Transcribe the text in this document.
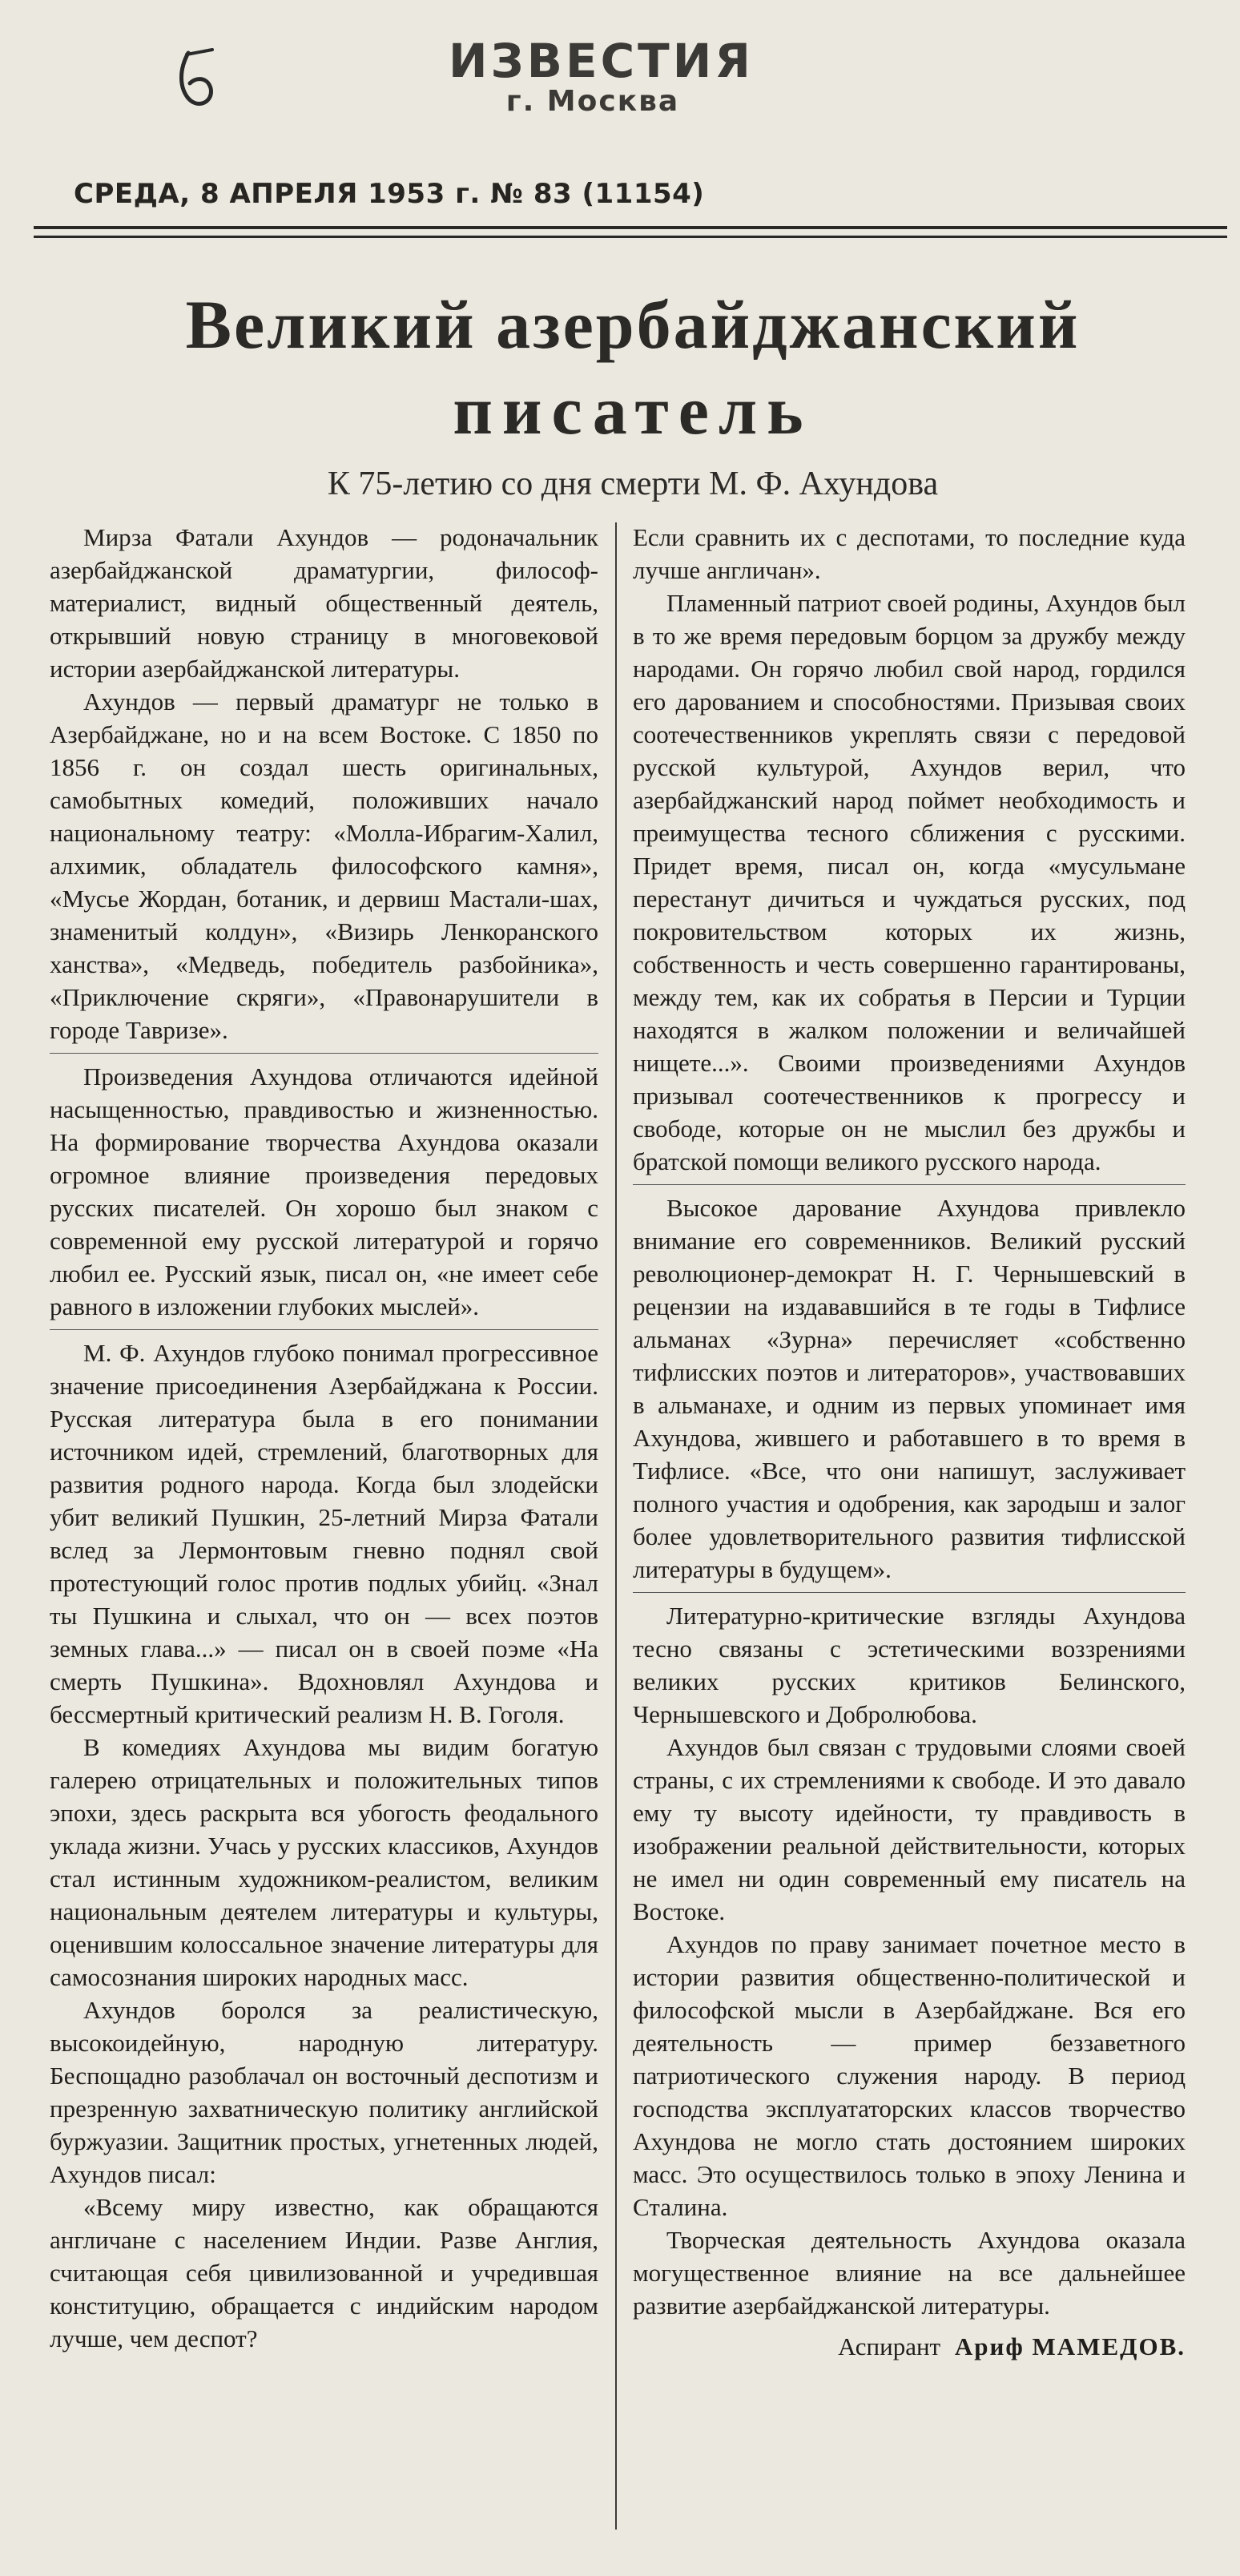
ИЗВЕСТИЯ
г. Москва
СРЕДА, 8 АПРЕЛЯ 1953 г. № 83 (11154)
Великий азербайджанский
писатель
К 75-летию со дня смерти М. Ф. Ахундова

Мирза Фатали Ахундов — родоначальник азербайджанской драматургии, философ-материалист, видный общественный деятель, открывший новую страницу в многовековой истории азербайджанской литературы.

Ахундов — первый драматург не только в Азербайджане, но и на всем Востоке. С 1850 по 1856 г. он создал шесть оригинальных, самобытных комедий, положивших начало национальному театру: «Молла-Ибрагим-Халил, алхимик, обладатель философского камня», «Мусье Жордан, ботаник, и дервиш Мастали-шах, знаменитый колдун», «Визирь Ленкоранского ханства», «Медведь, победитель разбойника», «Приключение скряги», «Правонарушители в городе Тавризе».

Произведения Ахундова отличаются идейной насыщенностью, правдивостью и жизненностью. На формирование творчества Ахундова оказали огромное влияние произведения передовых русских писателей. Он хорошо был знаком с современной ему русской литературой и горячо любил ее. Русский язык, писал он, «не имеет себе равного в изложении глубоких мыслей».

М. Ф. Ахундов глубоко понимал прогрессивное значение присоединения Азербайджана к России. Русская литература была в его понимании источником идей, стремлений, благотворных для развития родного народа. Когда был злодейски убит великий Пушкин, 25-летний Мирза Фатали вслед за Лермонтовым гневно поднял свой протестующий голос против подлых убийц. «Знал ты Пушкина и слыхал, что он — всех поэтов земных глава...» — писал он в своей поэме «На смерть Пушкина». Вдохновлял Ахундова и бессмертный критический реализм Н. В. Гоголя.

В комедиях Ахундова мы видим богатую галерею отрицательных и положительных типов эпохи, здесь раскрыта вся убогость феодального уклада жизни. Учась у русских классиков, Ахундов стал истинным художником-реалистом, великим национальным деятелем литературы и культуры, оценившим колоссальное значение литературы для самосознания широких народных масс.

Ахундов боролся за реалистическую, высокоидейную, народную литературу. Беспощадно разоблачал он восточный деспотизм и презренную захватническую политику английской буржуазии. Защитник простых, угнетенных людей, Ахундов писал:

«Всему миру известно, как обращаются англичане с населением Индии. Разве Англия, считающая себя цивилизованной и учредившая конституцию, обращается с индийским народом лучше, чем деспот?

Если сравнить их с деспотами, то последние куда лучше англичан».

Пламенный патриот своей родины, Ахундов был в то же время передовым борцом за дружбу между народами. Он горячо любил свой народ, гордился его дарованием и способностями. Призывая своих соотечественников укреплять связи с передовой русской культурой, Ахундов верил, что азербайджанский народ поймет необходимость и преимущества тесного сближения с русскими. Придет время, писал он, когда «мусульмане перестанут дичиться и чуждаться русских, под покровительством которых их жизнь, собственность и честь совершенно гарантированы, между тем, как их собратья в Персии и Турции находятся в жалком положении и величайшей нищете...». Своими произведениями Ахундов призывал соотечественников к прогрессу и свободе, которые он не мыслил без дружбы и братской помощи великого русского народа.

Высокое дарование Ахундова привлекло внимание его современников. Великий русский революционер-демократ Н. Г. Чернышевский в рецензии на издававшийся в те годы в Тифлисе альманах «Зурна» перечисляет «собственно тифлисских поэтов и литераторов», участвовавших в альманахе, и одним из первых упоминает имя Ахундова, жившего и работавшего в то время в Тифлисе. «Все, что они напишут, заслуживает полного участия и одобрения, как зародыш и залог более удовлетворительного развития тифлисской литературы в будущем».

Литературно-критические взгляды Ахундова тесно связаны с эстетическими воззрениями великих русских критиков Белинского, Чернышевского и Добролюбова.

Ахундов был связан с трудовыми слоями своей страны, с их стремлениями к свободе. И это давало ему ту высоту идейности, ту правдивость в изображении реальной действительности, которых не имел ни один современный ему писатель на Востоке.

Ахундов по праву занимает почетное место в истории развития общественно-политической и философской мысли в Азербайджане. Вся его деятельность — пример беззаветного патриотического служения народу. В период господства эксплуататорских классов творчество Ахундова не могло стать достоянием широких масс. Это осуществилось только в эпоху Ленина и Сталина.

Творческая деятельность Ахундова оказала могущественное влияние на все дальнейшее развитие азербайджанской литературы.

Аспирант Ариф МАМЕДОВ.
